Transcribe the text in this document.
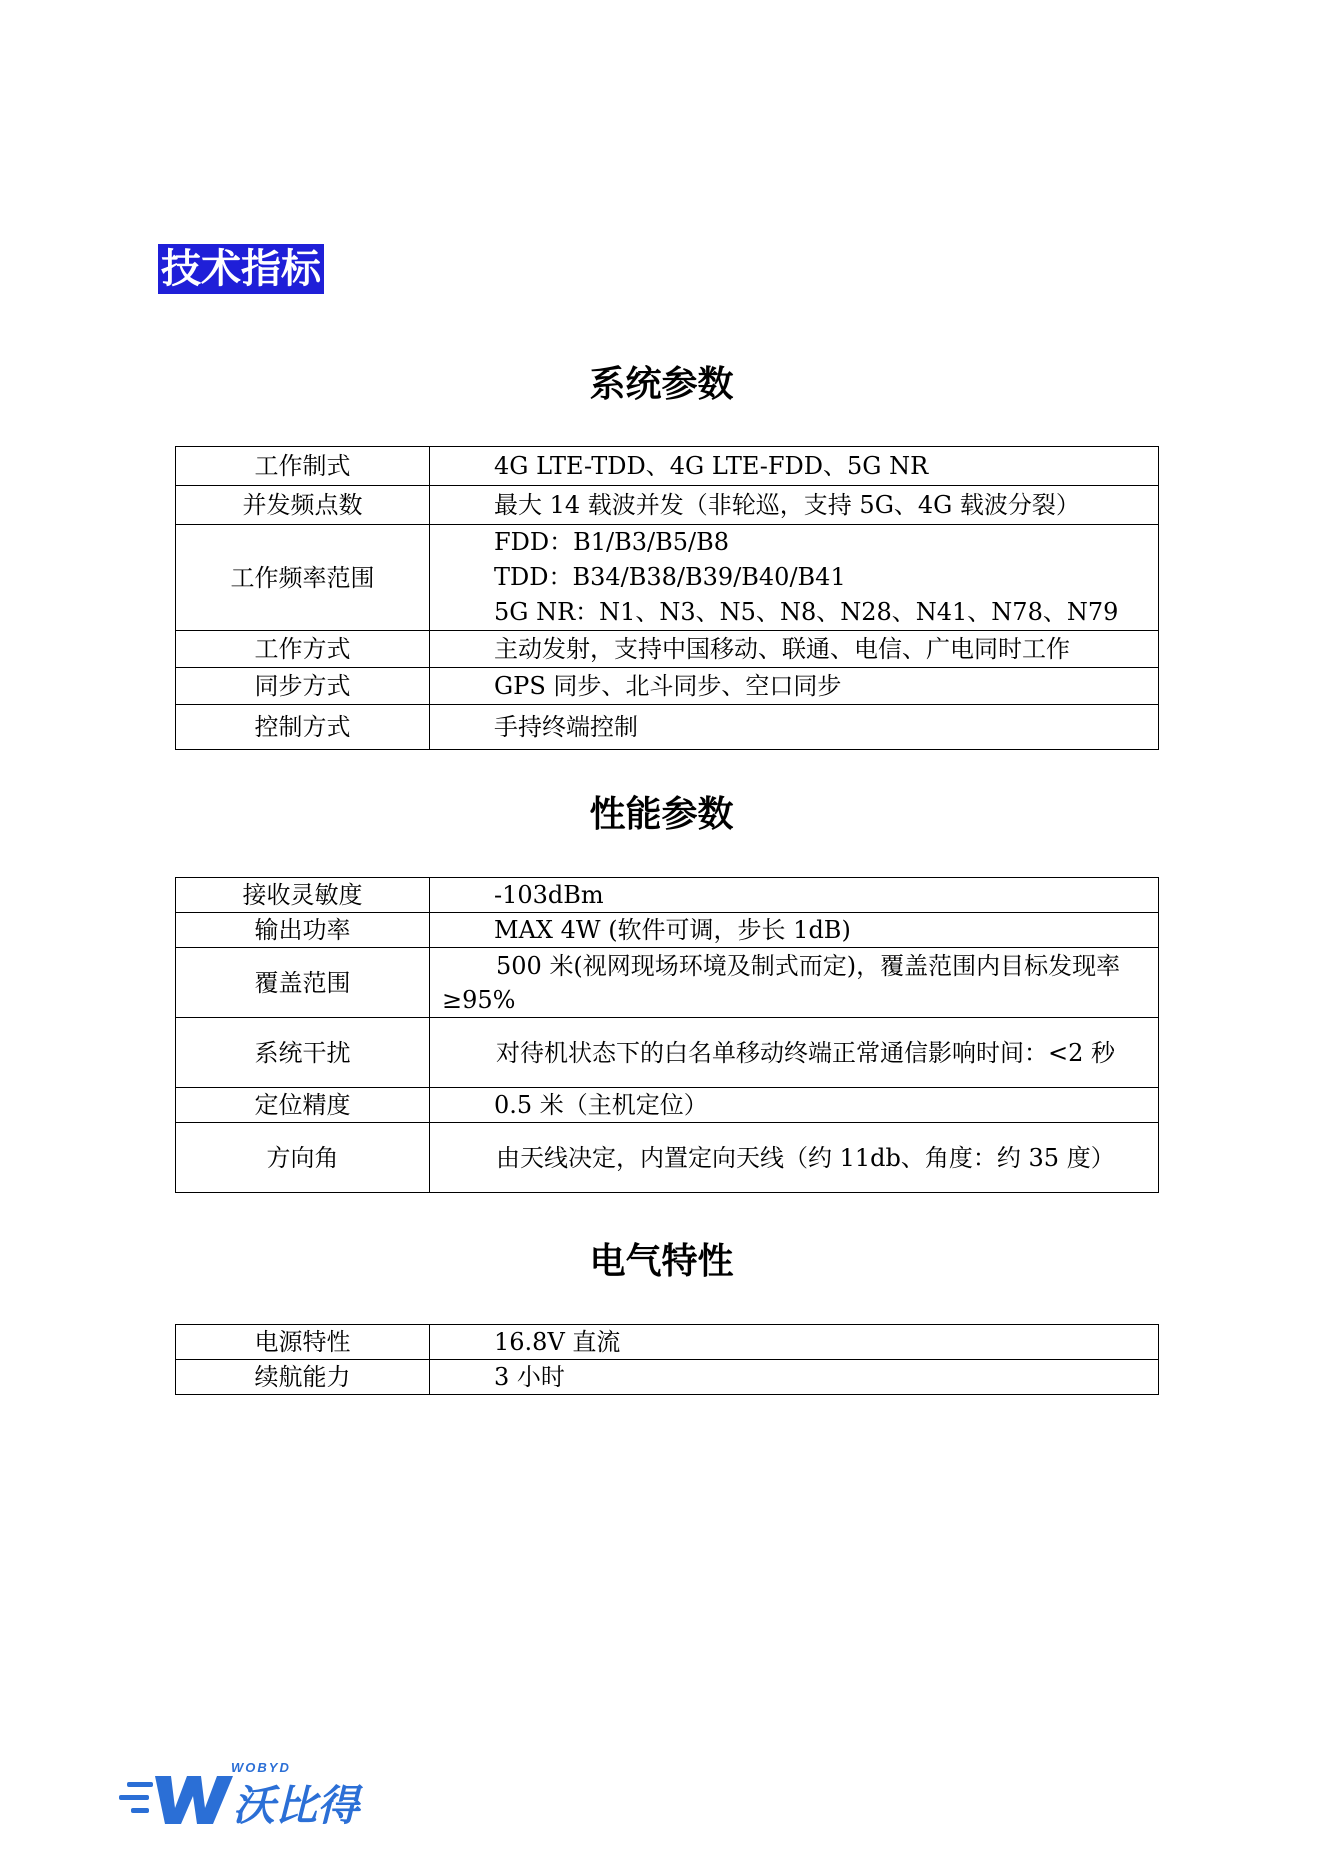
技术指标
系统参数
工作制式	4G LTE-TDD、4G LTE-FDD、5G NR
并发频点数	最大 14 载波并发（非轮巡，支持 5G、4G 载波分裂）
工作频率范围	FDD：B1/B3/B5/B8
TDD：B34/B38/B39/B40/B41
5G NR：N1、N3、N5、N8、N28、N41、N78、N79

工作方式	主动发射，支持中国移动、联通、电信、广电同时工作
同步方式	GPS 同步、北斗同步、空口同步
控制方式	手持终端控制
性能参数
接收灵敏度	-103dBm
输出功率	MAX 4W (软件可调，步长 1dB)
覆盖范围	500 米(视网现场环境及制式而定)，覆盖范围内目标发现率≥95%
系统干扰	对待机状态下的白名单移动终端正常通信影响时间：<2 秒
定位精度	0.5 米（主机定位）
方向角	由天线决定，内置定向天线（约 11db、角度：约 35 度）
电气特性
电源特性	16.8V 直流
续航能力	3 小时
WOBYD
沃比得
